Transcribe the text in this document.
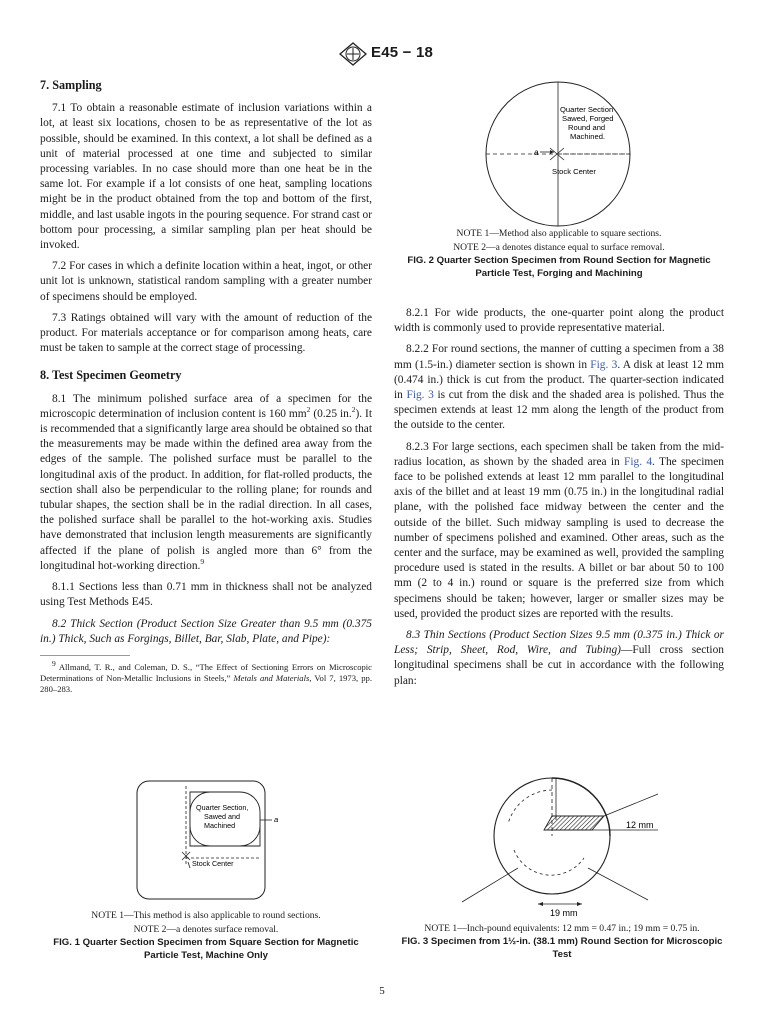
E45 − 18
7. Sampling

7.1 To obtain a reasonable estimate of inclusion variations within a lot, at least six locations, chosen to be as representative of the lot as possible, should be examined. In this context, a lot shall be defined as a unit of material processed at one time and subjected to similar processing variables. In no case should more than one heat be in the same lot. For example if a lot consists of one heat, sampling locations might be in the product obtained from the top and bottom of the first, middle, and last usable ingots in the pouring sequence. For strand cast or bottom pour processing, a similar sampling plan per heat should be invoked.

7.2 For cases in which a definite location within a heat, ingot, or other unit lot is unknown, statistical random sampling with a greater number of specimens should be employed.

7.3 Ratings obtained will vary with the amount of reduction of the product. For materials acceptance or for comparison among heats, care must be taken to sample at the correct stage of processing.

8. Test Specimen Geometry

8.1 The minimum polished surface area of a specimen for the microscopic determination of inclusion content is 160 $mm^2$ (0.25 in.$^2$). It is recommended that a significantly large area should be obtained so that the measurements may be made within the defined area away from the edges of the sample. The polished surface must be parallel to the longitudinal axis of the product. In addition, for flat-rolled products, the section shall also be perpendicular to the rolling plane; for rounds and tubular shapes, the section shall be in the radial direction. In all cases, the polished surface shall be parallel to the hot-working axis. Studies have demonstrated that inclusion length measurements are significantly affected if the plane of polish is angled more than 6° from the longitudinal hot-working direction.$^9$

8.1.1 Sections less than 0.71 mm in thickness shall not be analyzed using Test Methods E45.

8.2 Thick Section (Product Section Size Greater than 9.5 mm (0.375 in.) Thick, Such as Forgings, Billet, Bar, Slab, Plate, and Pipe):

$^9$ Allmand, T. R., and Coleman, D. S., “The Effect of Sectioning Errors on Microscopic Determinations of Non-Metallic Inclusions in Steels,” Metals and Materials, Vol 7, 1973, pp. 280–283.

a
Quarter Section
Sawed, Forged
Round and
Machined.
Stock Center
NOTE 1—Method also applicable to square sections.
NOTE 2—a denotes distance equal to surface removal.
FIG. 2 Quarter Section Specimen from Round Section for Magnetic Particle Test, Forging and Machining

8.2.1 For wide products, the one-quarter point along the product width is commonly used to provide representative material.

8.2.2 For round sections, the manner of cutting a specimen from a 38 mm (1.5-in.) diameter section is shown in Fig. 3. A disk at least 12 mm (0.474 in.) thick is cut from the product. The quarter-section indicated in Fig. 3 is cut from the disk and the shaded area is polished. Thus the specimen extends at least 12 mm along the length of the product from the outside to the center.

8.2.3 For large sections, each specimen shall be taken from the mid-radius location, as shown by the shaded area in Fig. 4. The specimen face to be polished extends at least 12 mm parallel to the longitudinal axis of the billet and at least 19 mm (0.75 in.) in the longitudinal radial plane, with the polished face midway between the center and the outside of the billet. Such midway sampling is used to decrease the number of specimens polished and examined. Other areas, such as the center and the surface, may be examined as well, provided the sampling procedure used is stated in the results. A billet or bar about 50 to 100 mm (2 to 4 in.) round or square is the preferred size from which specimens should be taken; however, larger or smaller sizes may be used, provided the product sizes are reported with the results.

8.3 Thin Sections (Product Section Sizes 9.5 mm (0.375 in.) Thick or Less; Strip, Sheet, Rod, Wire, and Tubing)—Full cross section longitudinal specimens shall be cut in accordance with the following plan:

a
Quarter Section,
Sawed and
Machined
Stock Center
NOTE 1—This method is also applicable to round sections.
NOTE 2—a denotes surface removal.
FIG. 1 Quarter Section Specimen from Square Section for Magnetic Particle Test, Machine Only
12 mm
19 mm
NOTE 1—Inch-pound equivalents: 12 mm = 0.47 in.; 19 mm = 0.75 in.
FIG. 3 Specimen from 1½-in. (38.1 mm) Round Section for Microscopic Test
5
